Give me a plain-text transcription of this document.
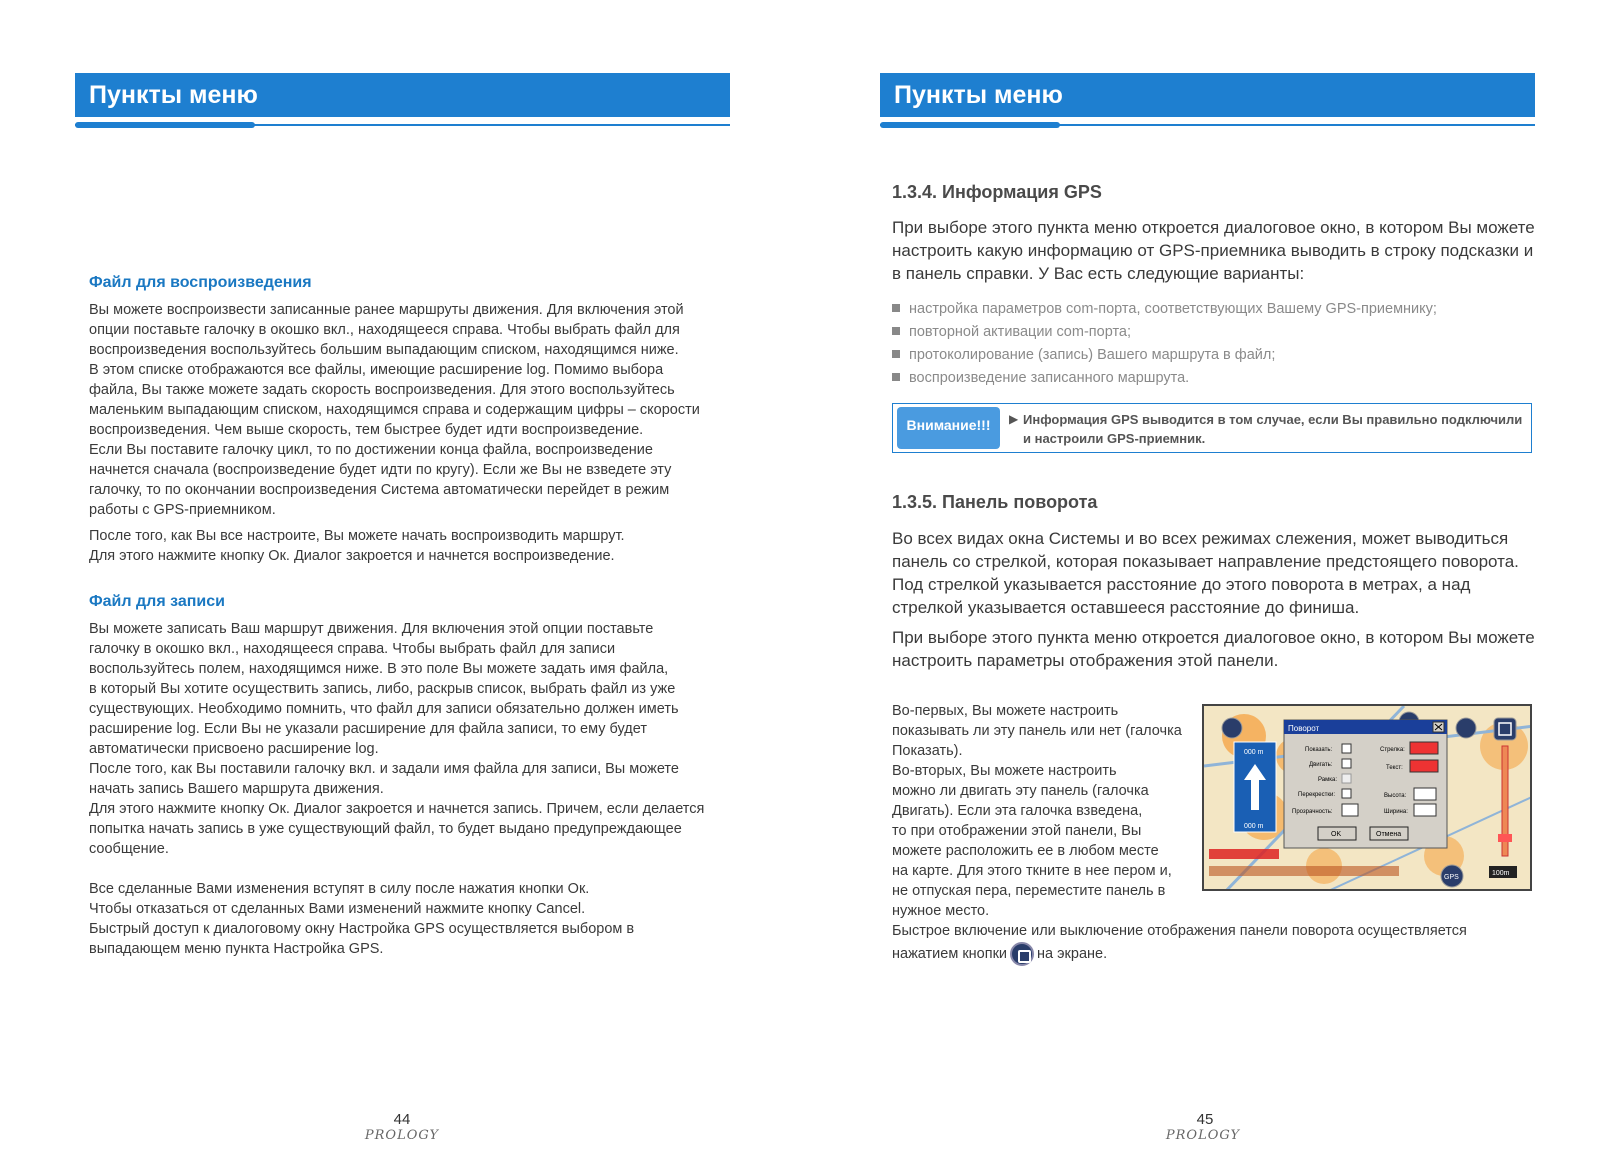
Пункты меню
Файл для воспроизведения

Вы можете воспроизвести записанные ранее маршруты движения. Для включения этой
опции поставьте галочку в окошко вкл., находящееся справа. Чтобы выбрать файл для
воспроизведения воспользуйтесь большим выпадающим списком, находящимся ниже.
В этом списке отображаются все файлы, имеющие расширение log. Помимо выбора
файла, Вы также можете задать скорость воспроизведения. Для этого воспользуйтесь
маленьким выпадающим списком, находящимся справа и содержащим цифры – скорости
воспроизведения. Чем выше скорость, тем быстрее будет идти воспроизведение.
Если Вы поставите галочку цикл, то по достижении конца файла, воспроизведение
начнется сначала (воспроизведение будет идти по кругу). Если же Вы не взведете эту
галочку, то по окончании воспроизведения Система автоматически перейдет в режим
работы с GPS-приемником.

После того, как Вы все настроите, Вы можете начать воспроизводить маршрут.
Для этого нажмите кнопку Ок. Диалог закроется и начнется воспроизведение.

Файл для записи

Вы можете записать Ваш маршрут движения. Для включения этой опции поставьте
галочку в окошко вкл., находящееся справа. Чтобы выбрать файл для записи
воспользуйтесь полем, находящимся ниже. В это поле Вы можете задать имя файла,
в который Вы хотите осуществить запись, либо, раскрыв список, выбрать файл из уже
существующих. Необходимо помнить, что файл для записи обязательно должен иметь
расширение log. Если Вы не указали расширение для файла записи, то ему будет
автоматически присвоено расширение log.
После того, как Вы поставили галочку вкл. и задали имя файла для записи, Вы можете
начать запись Вашего маршрута движения.
Для этого нажмите кнопку Ок. Диалог закроется и начнется запись. Причем, если делается
попытка начать запись в уже существующий файл, то будет выдано предупреждающее
сообщение.

Все сделанные Вами изменения вступят в силу после нажатия кнопки Ок.
Чтобы отказаться от сделанных Вами изменений нажмите кнопку Cancel.
Быстрый доступ к диалоговому окну Настройка GPS осуществляется выбором в
выпадающем меню пункта Настройка GPS.

44
PROLOGY
Пункты меню
1.3.4. Информация GPS
При выборе этого пункта меню откроется диалоговое окно, в котором Вы можете
настроить какую информацию от GPS-приемника выводить в строку подсказки и
в панель справки. У Вас есть следующие варианты:
настройка параметров com-порта, соответствующих Вашему GPS-приемнику;
повторной активации com-порта;
протоколирование (запись) Вашего маршрута в файл;
воспроизведение записанного маршрута.
Внимание!!!	▶ Информация GPS выводится в том случае, если Вы правильно подключили
и настроили GPS-приемник.
1.3.5. Панель поворота
Во всех видах окна Системы и во всех режимах слежения, может выводиться
панель со стрелкой, которая показывает направление предстоящего поворота.
Под стрелкой указывается расстояние до этого поворота в метрах, а над
стрелкой указывается оставшееся расстояние до финиша.
При выборе этого пункта меню откроется диалоговое окно, в котором Вы можете
настроить параметры отображения этой панели.
Во-первых, Вы можете настроить
показывать ли эту панель или нет (галочка
Показать).
Во-вторых, Вы можете настроить
можно ли двигать эту панель (галочка
Двигать). Если эта галочка взведена,
то при отображении этой панели, Вы
можете расположить ее в любом месте
на карте. Для этого ткните в нее пером и,
не отпуская пера, переместите панель в
нужное место.
Поворот
000 m
000 m
Показать:
Двигать:
Рамка:
Перекрестки:
Прозрачность:
Стрелка:
Текст:
Высота:
Ширина:
OK	Отмена
100m
GPS
Быстрое включение или выключение отображения панели поворота осуществляется
нажатием кнопки на экране.
45
PROLOGY
